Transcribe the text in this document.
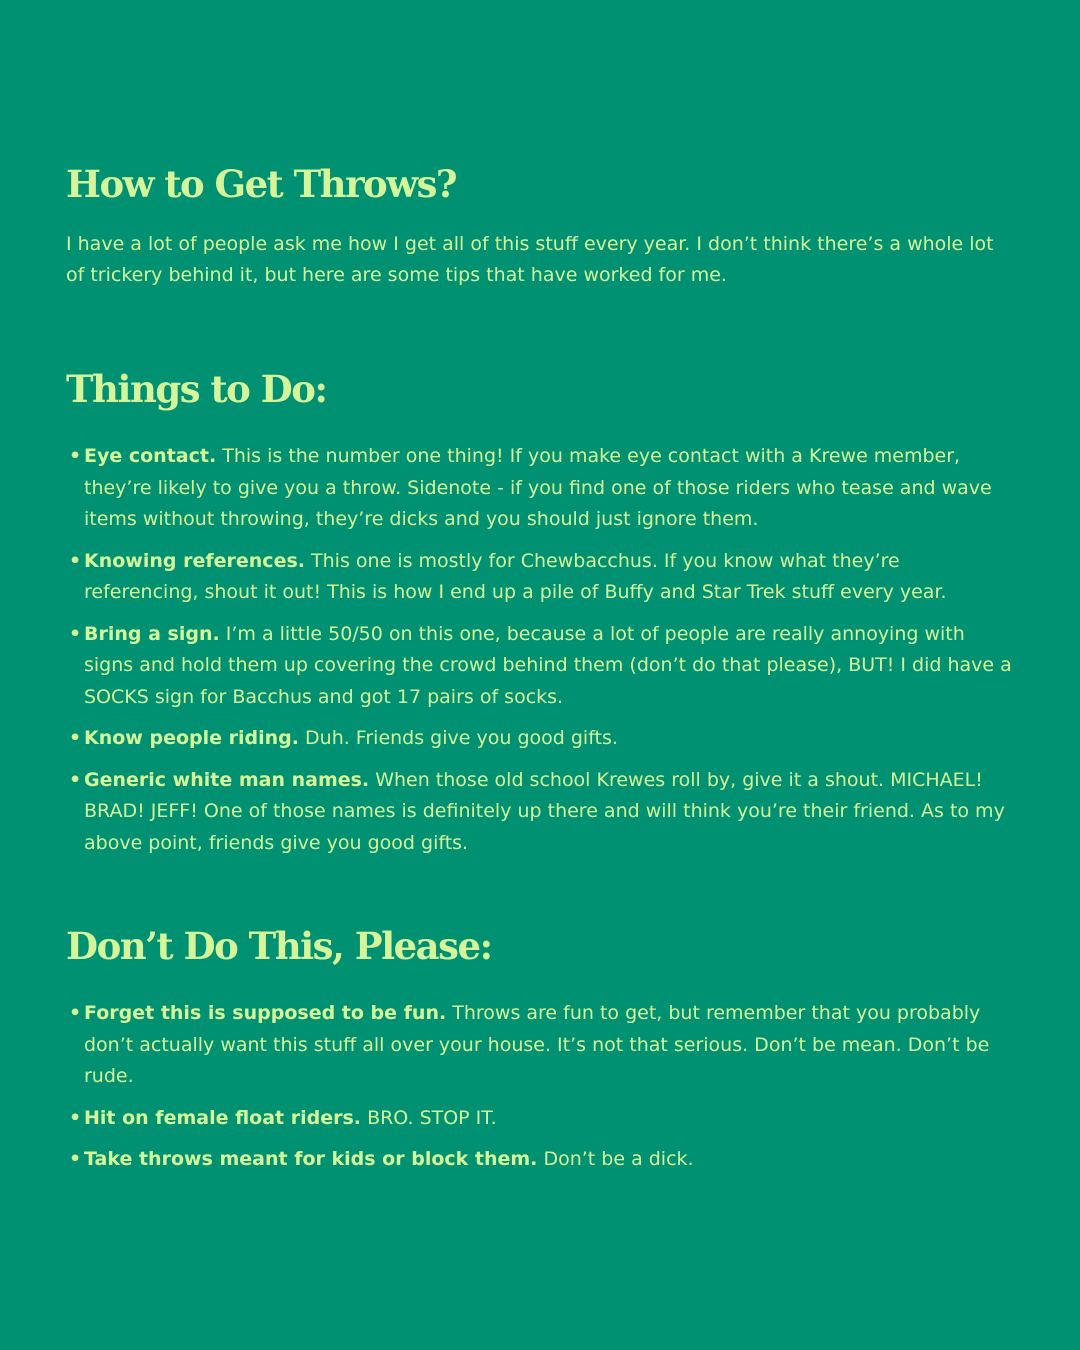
How to Get Throws?

I have a lot of people ask me how I get all of this stuff every year. I don’t think there’s a whole lot of trickery behind it, but here are some tips that have worked for me.

Things to Do:
• Eye contact. This is the number one thing! If you make eye contact with a Krewe member, they’re likely to give you a throw. Sidenote - if you find one of those riders who tease and wave items without throwing, they’re dicks and you should just ignore them.
• Knowing references. This one is mostly for Chewbacchus. If you know what they’re referencing, shout it out! This is how I end up a pile of Buffy and Star Trek stuff every year.
• Bring a sign. I’m a little 50/50 on this one, because a lot of people are really annoying with signs and hold them up covering the crowd behind them (don’t do that please), BUT! I did have a SOCKS sign for Bacchus and got 17 pairs of socks.
• Know people riding. Duh. Friends give you good gifts.
• Generic white man names. When those old school Krewes roll by, give it a shout. MICHAEL! BRAD! JEFF! One of those names is definitely up there and will think you’re their friend. As to my above point, friends give you good gifts.
Don’t Do This, Please:
• Forget this is supposed to be fun. Throws are fun to get, but remember that you probably don’t actually want this stuff all over your house. It’s not that serious. Don’t be mean. Don’t be rude.
• Hit on female float riders. BRO. STOP IT.
• Take throws meant for kids or block them. Don’t be a dick.
